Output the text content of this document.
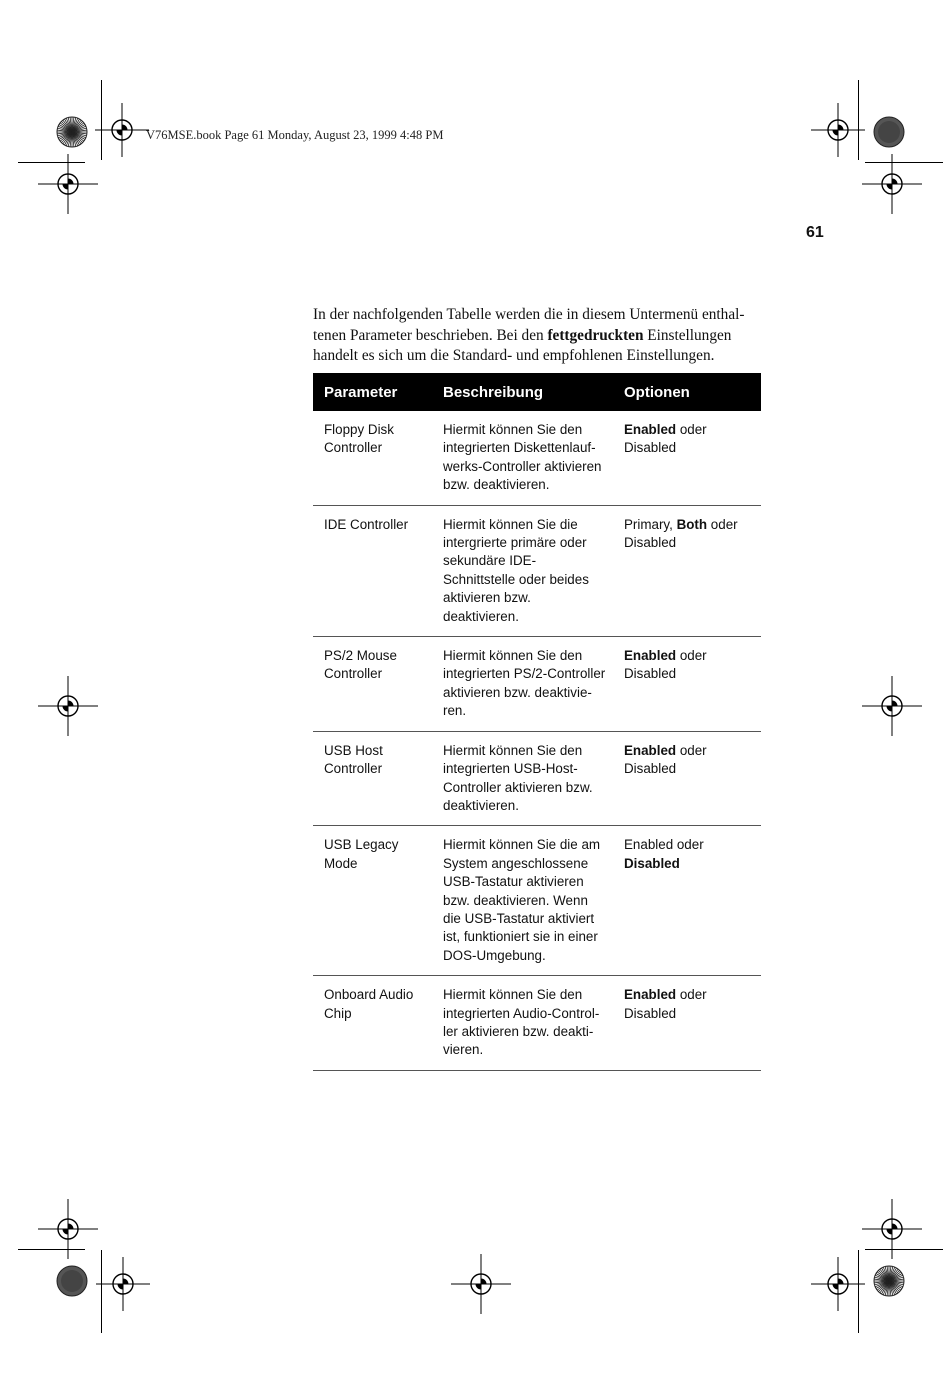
V76MSE.book Page 61 Monday, August 23, 1999 4:48 PM
61

In der nachfolgenden Tabelle werden die in diesem Untermenü enthal-tenen Parameter beschrieben. Bei den fettgedruckten Einstellungen handelt es sich um die Standard- und empfohlenen Einstellungen.

Parameter	Beschreibung	Optionen
Floppy Disk Controller	Hiermit können Sie den integrierten Diskettenlauf-werks-Controller aktivieren bzw. deaktivieren.	Enabled oder Disabled
IDE Controller	Hiermit können Sie die intergrierte primäre oder sekundäre IDE-Schnittstelle oder beides aktivieren bzw. deaktivieren.	Primary, Both oder Disabled
PS/2 Mouse Controller	Hiermit können Sie den integrierten PS/2-Controller aktivieren bzw. deaktivie-ren.	Enabled oder Disabled
USB Host Controller	Hiermit können Sie den integrierten USB-Host-Controller aktivieren bzw. deaktivieren.	Enabled oder Disabled
USB Legacy Mode	Hiermit können Sie die am System angeschlossene USB-Tastatur aktivieren bzw. deaktivieren. Wenn die USB-Tastatur aktiviert ist, funktioniert sie in einer DOS-Umgebung.	Enabled oder Disabled
Onboard Audio Chip	Hiermit können Sie den integrierten Audio-Control-ler aktivieren bzw. deakti-vieren.	Enabled oder Disabled
